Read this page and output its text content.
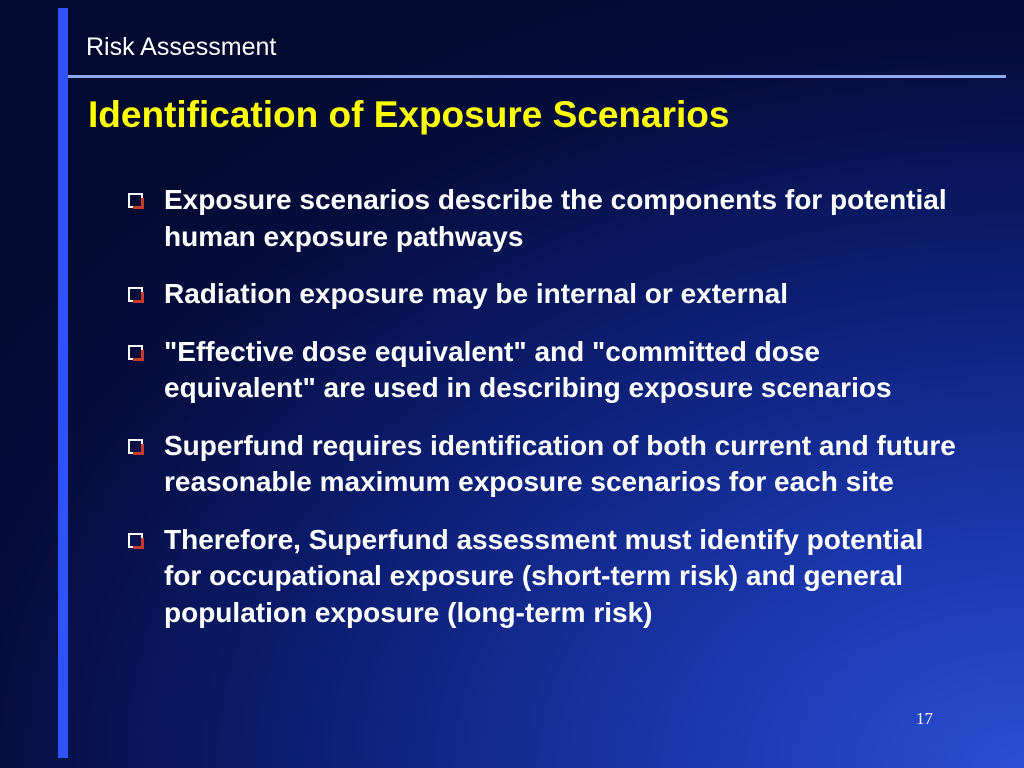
Risk Assessment
Identification of Exposure Scenarios
Exposure scenarios describe the components for potential human exposure pathways
Radiation exposure may be internal or external
"Effective dose equivalent" and "committed dose equivalent" are used in describing exposure scenarios
Superfund requires identification of both current and future reasonable maximum exposure scenarios for each site
Therefore, Superfund assessment must identify potential for occupational exposure (short-term risk) and general population exposure (long-term risk)
17
